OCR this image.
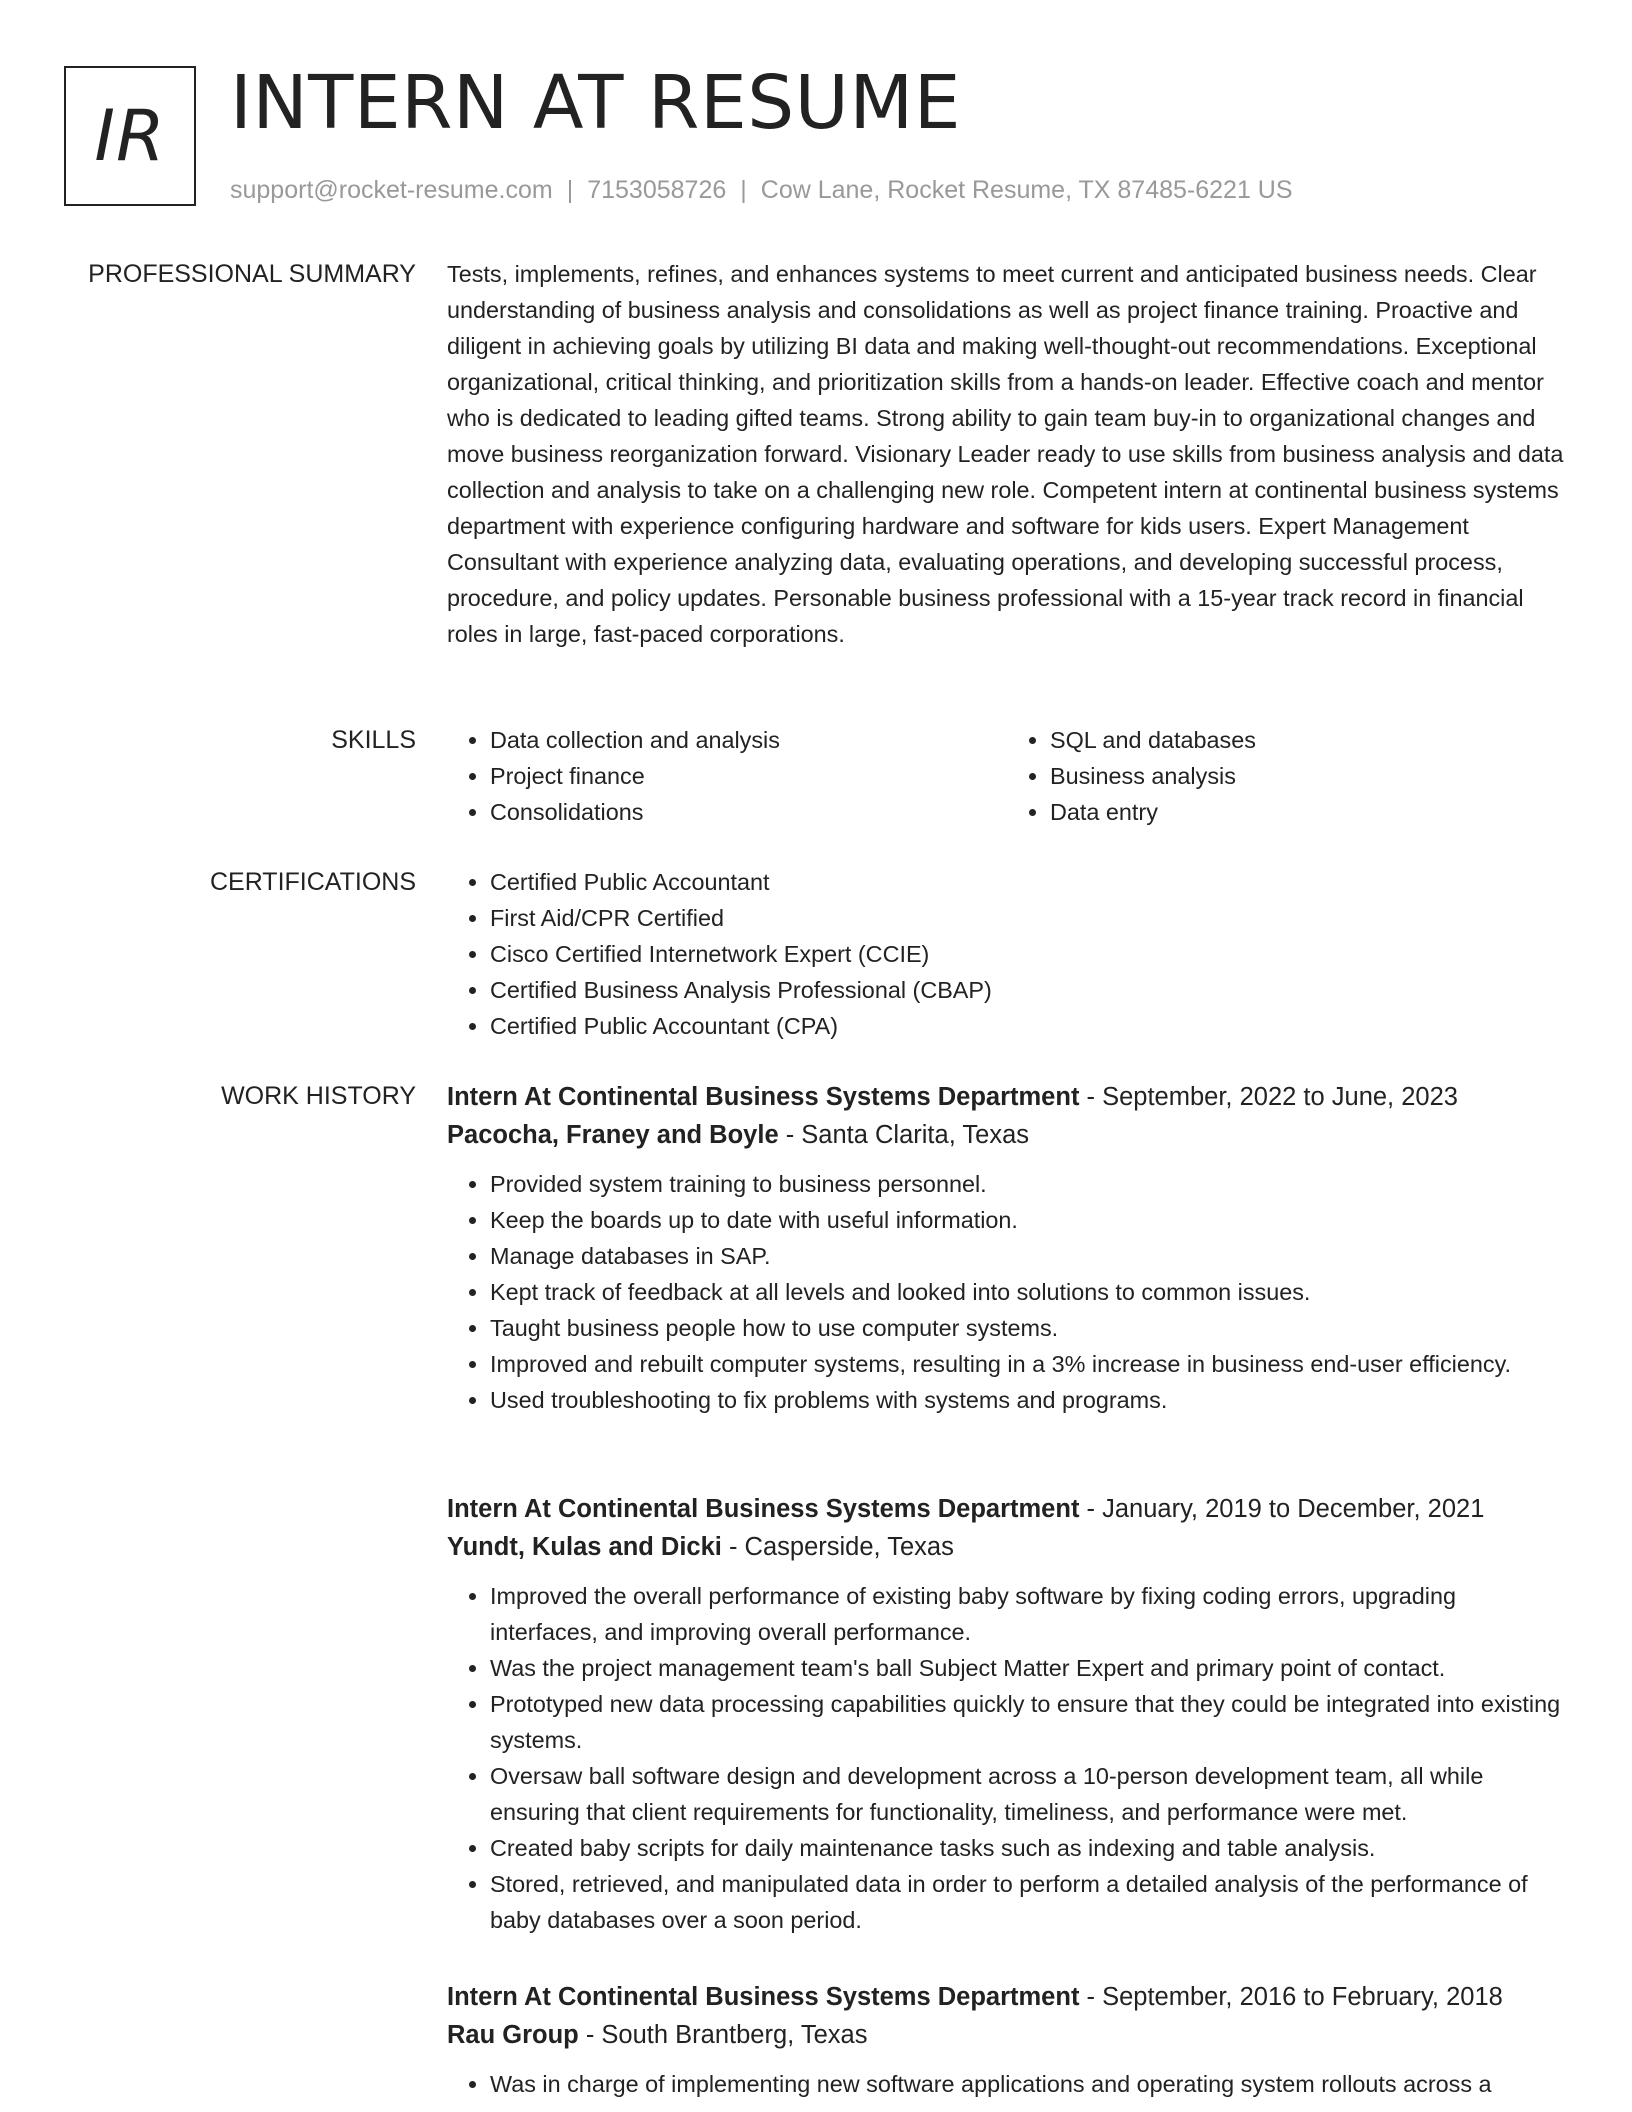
IR INTERN AT RESUME
support@rocket-resume.com | 7153058726 | Cow Lane, Rocket Resume, TX 87485-6221 US
PROFESSIONAL SUMMARY Tests, implements, refines, and enhances systems to meet current and anticipated business needs. Clear understanding of business analysis and consolidations as well as project finance training. Proactive and diligent in achieving goals by utilizing BI data and making well-thought-out recommendations. Exceptional organizational, critical thinking, and prioritization skills from a hands-on leader. Effective coach and mentor who is dedicated to leading gifted teams. Strong ability to gain team buy-in to organizational changes and move business reorganization forward. Visionary Leader ready to use skills from business analysis and data collection and analysis to take on a challenging new role. Competent intern at continental business systems department with experience configuring hardware and software for kids users. Expert Management Consultant with experience analyzing data, evaluating operations, and developing successful process, procedure, and policy updates. Personable business professional with a 15-year track record in financial roles in large, fast-paced corporations.

SKILLS	• Data collection and analysis
• Project finance
• Consolidations
• SQL and databases
• Business analysis
• Data entry
CERTIFICATIONS	• Certified Public Accountant
• First Aid/CPR Certified
• Cisco Certified Internetwork Expert (CCIE)
• Certified Business Analysis Professional (CBAP)
• Certified Public Accountant (CPA)
WORK HISTORY Intern At Continental Business Systems Department - September, 2022 to June, 2023
Pacocha, Franey and Boyle - Santa Clarita, Texas
• Provided system training to business personnel.
• Keep the boards up to date with useful information.
• Manage databases in SAP.
• Kept track of feedback at all levels and looked into solutions to common issues.
• Taught business people how to use computer systems.
• Improved and rebuilt computer systems, resulting in a 3% increase in business end-user efficiency.
• Used troubleshooting to fix problems with systems and programs.
Intern At Continental Business Systems Department - January, 2019 to December, 2021
Yundt, Kulas and Dicki - Casperside, Texas
• Improved the overall performance of existing baby software by fixing coding errors, upgrading interfaces, and improving overall performance.
• Was the project management team's ball Subject Matter Expert and primary point of contact.
• Prototyped new data processing capabilities quickly to ensure that they could be integrated into existing systems.
• Oversaw ball software design and development across a 10-person development team, all while ensuring that client requirements for functionality, timeliness, and performance were met.
• Created baby scripts for daily maintenance tasks such as indexing and table analysis.
• Stored, retrieved, and manipulated data in order to perform a detailed analysis of the performance of baby databases over a soon period.
Intern At Continental Business Systems Department - September, 2016 to February, 2018
Rau Group - South Brantberg, Texas
• Was in charge of implementing new software applications and operating system rollouts across a
